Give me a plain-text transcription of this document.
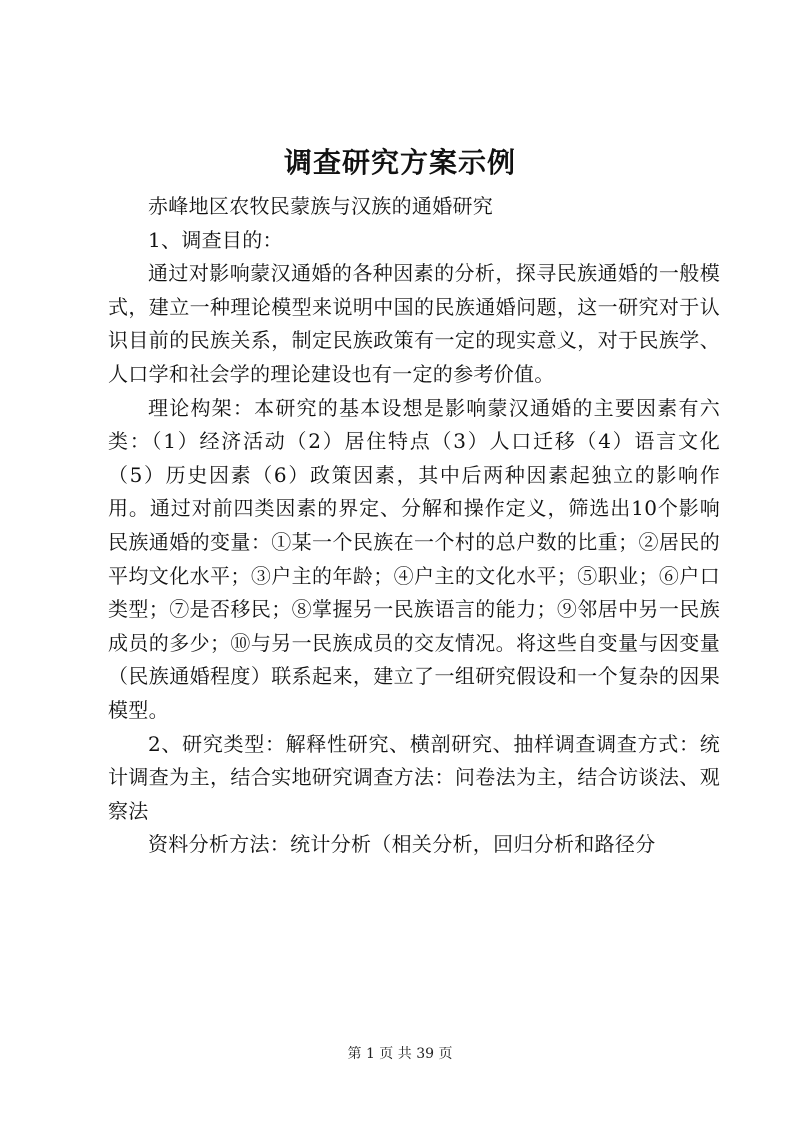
调查研究方案示例

赤峰地区农牧民蒙族与汉族的通婚研究

1、调查目的：

通过对影响蒙汉通婚的各种因素的分析，探寻民族通婚的一般模式，建立一种理论模型来说明中国的民族通婚问题，这一研究对于认识目前的民族关系，制定民族政策有一定的现实意义，对于民族学、人口学和社会学的理论建设也有一定的参考价值。

理论构架：本研究的基本设想是影响蒙汉通婚的主要因素有六类：（1）经济活动（2）居住特点（3）人口迁移（4）语言文化（5）历史因素（6）政策因素，其中后两种因素起独立的影响作用。通过对前四类因素的界定、分解和操作定义，筛选出10个影响民族通婚的变量：①某一个民族在一个村的总户数的比重；②居民的平均文化水平；③户主的年龄；④户主的文化水平；⑤职业；⑥户口类型；⑦是否移民；⑧掌握另一民族语言的能力；⑨邻居中另一民族成员的多少；⑩与另一民族成员的交友情况。将这些自变量与因变量（民族通婚程度）联系起来，建立了一组研究假设和一个复杂的因果模型。

2、研究类型：解释性研究、横剖研究、抽样调查调查方式：统计调查为主，结合实地研究调查方法：问卷法为主，结合访谈法、观察法

资料分析方法：统计分析（相关分析，回归分析和路径分

第 1 页 共 39 页
